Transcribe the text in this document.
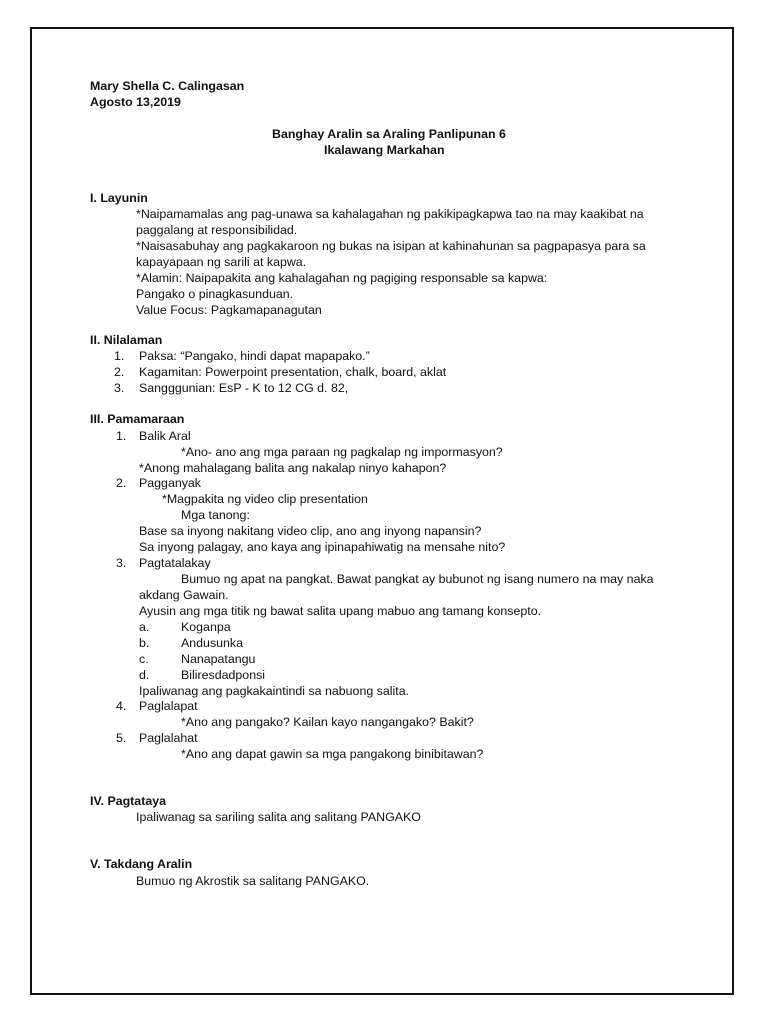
Mary Shella C. Calingasan
Agosto 13,2019
Banghay Aralin sa Araling Panlipunan 6
Ikalawang Markahan
I. Layunin
*Naipamamalas ang pag-unawa sa kahalagahan ng pakikipagkapwa tao na may kaakibat na
paggalang at responsibilidad.
*Naisasabuhay ang pagkakaroon ng bukas na isipan at kahinahunan sa pagpapasya para sa
kapayapaan ng sarili at kapwa.
*Alamin: Naipapakita ang kahalagahan ng pagiging responsable sa kapwa:
Pangako o pinagkasunduan.
Value Focus: Pagkamapanagutan
II. Nilalaman
1. Paksa: “Pangako, hindi dapat mapapako.”
2. Kagamitan: Powerpoint presentation, chalk, board, aklat
3. Sangggunian: EsP - K to 12 CG d. 82,
III. Pamamaraan
1. Balik Aral
*Ano- ano ang mga paraan ng pagkalap ng impormasyon?
*Anong mahalagang balita ang nakalap ninyo kahapon?
2. Pagganyak
*Magpakita ng video clip presentation
Mga tanong:
Base sa inyong nakitang video clip, ano ang inyong napansin?
Sa inyong palagay, ano kaya ang ipinapahiwatig na mensahe nito?
3. Pagtatalakay
Bumuo ng apat na pangkat. Bawat pangkat ay bubunot ng isang numero na may naka
akdang Gawain.
Ayusin ang mga titik ng bawat salita upang mabuo ang tamang konsepto.
a.	Koganpa
b.	Andusunka
c.	Nanapatangu
d.	Biliresdadponsi
Ipaliwanag ang pagkakaintindi sa nabuong salita.
4. Paglalapat
*Ano ang pangako? Kailan kayo nangangako? Bakit?
5. Paglalahat
*Ano ang dapat gawin sa mga pangakong binibitawan?
IV. Pagtataya
Ipaliwanag sa sariling salita ang salitang PANGAKO
V. Takdang Aralin
Bumuo ng Akrostik sa salitang PANGAKO.
